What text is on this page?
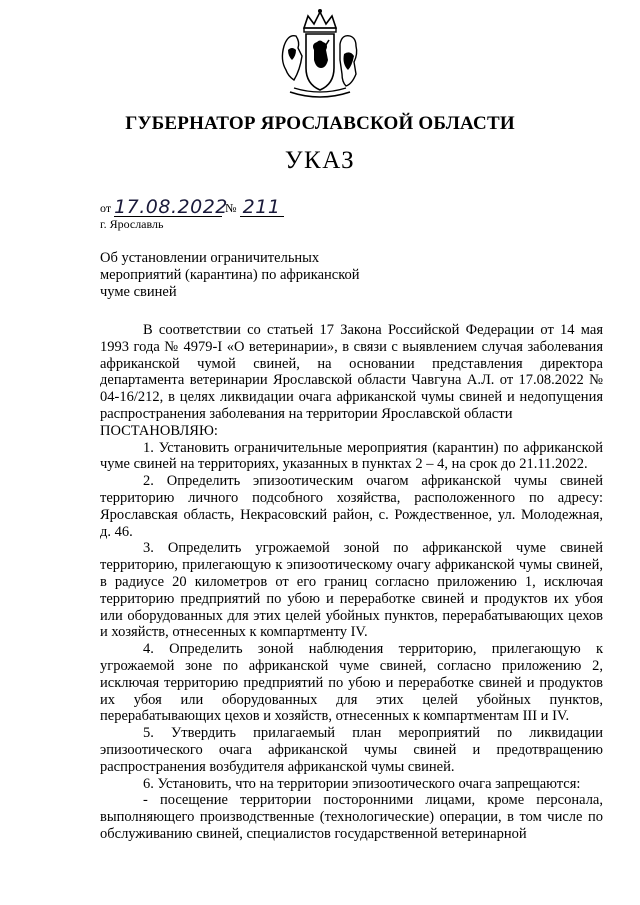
ГУБЕРНАТОР ЯРОСЛАВСКОЙ ОБЛАСТИ
УКАЗ
от 17.08.2022 № 211
г. Ярославль
Об установлении ограничительных мероприятий (карантина) по африканской чуме свиней

В соответствии со статьей 17 Закона Российской Федерации от 14 мая 1993 года № 4979-I «О ветеринарии», в связи с выявлением случая заболевания африканской чумой свиней, на основании представления директора департамента ветеринарии Ярославской области Чавгуна А.Л. от 17.08.2022 № 04-16/212, в целях ликвидации очага африканской чумы свиней и недопущения распространения заболевания на территории Ярославской области

ПОСТАНОВЛЯЮ:

1. Установить ограничительные мероприятия (карантин) по африканской чуме свиней на территориях, указанных в пунктах 2 – 4, на срок до 21.11.2022.

2. Определить эпизоотическим очагом африканской чумы свиней территорию личного подсобного хозяйства, расположенного по адресу: Ярославская область, Некрасовский район, с. Рождественное, ул. Молодежная, д. 46.

3. Определить угрожаемой зоной по африканской чуме свиней территорию, прилегающую к эпизоотическому очагу африканской чумы свиней, в радиусе 20 километров от его границ согласно приложению 1, исключая территорию предприятий по убою и переработке свиней и продуктов их убоя или оборудованных для этих целей убойных пунктов, перерабатывающих цехов и хозяйств, отнесенных к компартменту IV.

4. Определить зоной наблюдения территорию, прилегающую к угрожаемой зоне по африканской чуме свиней, согласно приложению 2, исключая территорию предприятий по убою и переработке свиней и продуктов их убоя или оборудованных для этих целей убойных пунктов, перерабатывающих цехов и хозяйств, отнесенных к компартментам III и IV.

5. Утвердить прилагаемый план мероприятий по ликвидации эпизоотического очага африканской чумы свиней и предотвращению распространения возбудителя африканской чумы свиней.

6. Установить, что на территории эпизоотического очага запрещаются:

- посещение территории посторонними лицами, кроме персонала, выполняющего производственные (технологические) операции, в том числе по обслуживанию свиней, специалистов государственной ветеринарной
